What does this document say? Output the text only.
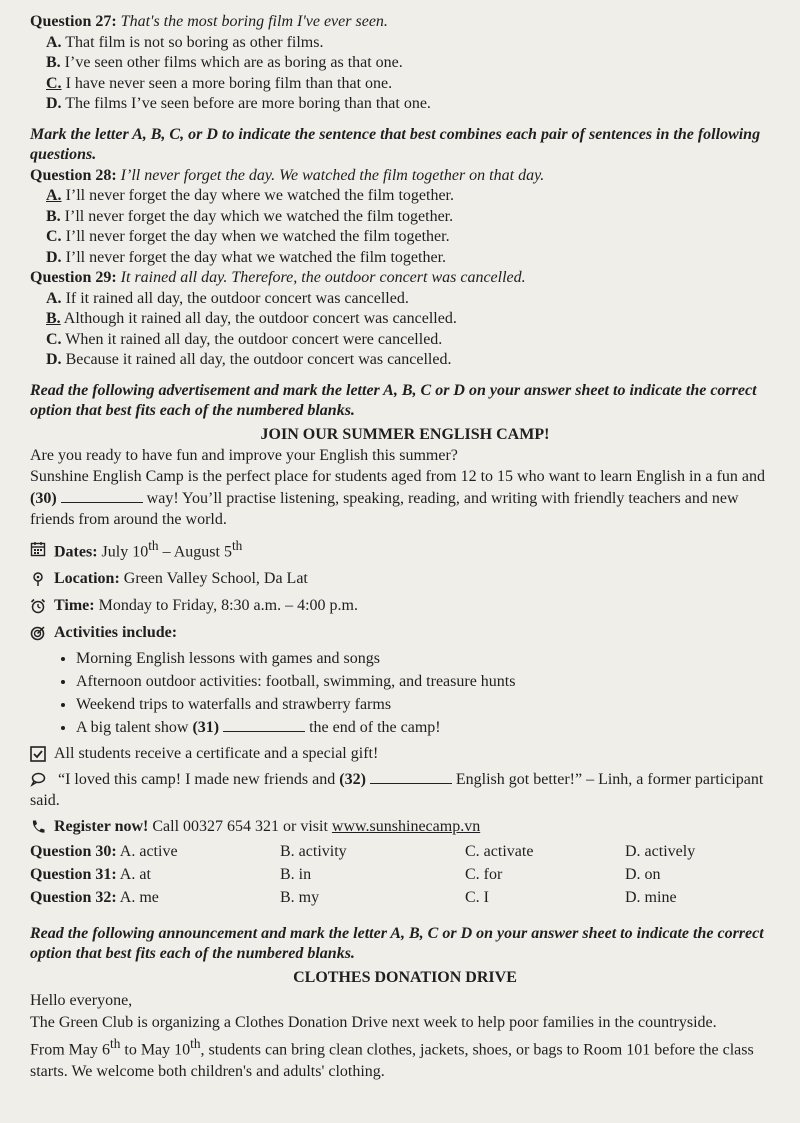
Question 27: That's the most boring film I've ever seen.
A. That film is not so boring as other films.
B. I’ve seen other films which are as boring as that one.
C. I have never seen a more boring film than that one.
D. The films I’ve seen before are more boring than that one.
Mark the letter A, B, C, or D to indicate the sentence that best combines each pair of sentences in the following questions.
Question 28: I’ll never forget the day. We watched the film together on that day.
A. I’ll never forget the day where we watched the film together.
B. I’ll never forget the day which we watched the film together.
C. I’ll never forget the day when we watched the film together.
D. I’ll never forget the day what we watched the film together.
Question 29: It rained all day. Therefore, the outdoor concert was cancelled.
A. If it rained all day, the outdoor concert was cancelled.
B. Although it rained all day, the outdoor concert was cancelled.
C. When it rained all day, the outdoor concert were cancelled.
D. Because it rained all day, the outdoor concert was cancelled.
Read the following advertisement and mark the letter A, B, C or D on your answer sheet to indicate the correct option that best fits each of the numbered blanks.
JOIN OUR SUMMER ENGLISH CAMP!
Are you ready to have fun and improve your English this summer?
Sunshine English Camp is the perfect place for students aged from 12 to 15 who want to learn English in a fun and (30)	way! You’ll practise listening, speaking, reading, and writing with friendly teachers and new friends from around the world.
Dates: July 10th – August 5th
Location: Green Valley School, Da Lat
Time: Monday to Friday, 8:30 a.m. – 4:00 p.m.
Activities include:
• Morning English lessons with games and songs
• Afternoon outdoor activities: football, swimming, and treasure hunts
• Weekend trips to waterfalls and strawberry farms
• A big talent show (31)	the end of the camp!
All students receive a certificate and a special gift!
“I loved this camp! I made new friends and (32)	English got better!” – Linh, a former participant said.
Register now! Call 00327 654 321 or visit www.sunshinecamp.vn
Question 30: A. active	B. activity	C. activate	D. actively
Question 31: A. at	B. in	C. for	D. on
Question 32: A. me	B. my	C. I	D. mine
Read the following announcement and mark the letter A, B, C or D on your answer sheet to indicate the correct option that best fits each of the numbered blanks.
CLOTHES DONATION DRIVE
Hello everyone,
The Green Club is organizing a Clothes Donation Drive next week to help poor families in the countryside.
From May 6th to May 10th, students can bring clean clothes, jackets, shoes, or bags to Room 101 before the class starts. We welcome both children's and adults' clothing.
